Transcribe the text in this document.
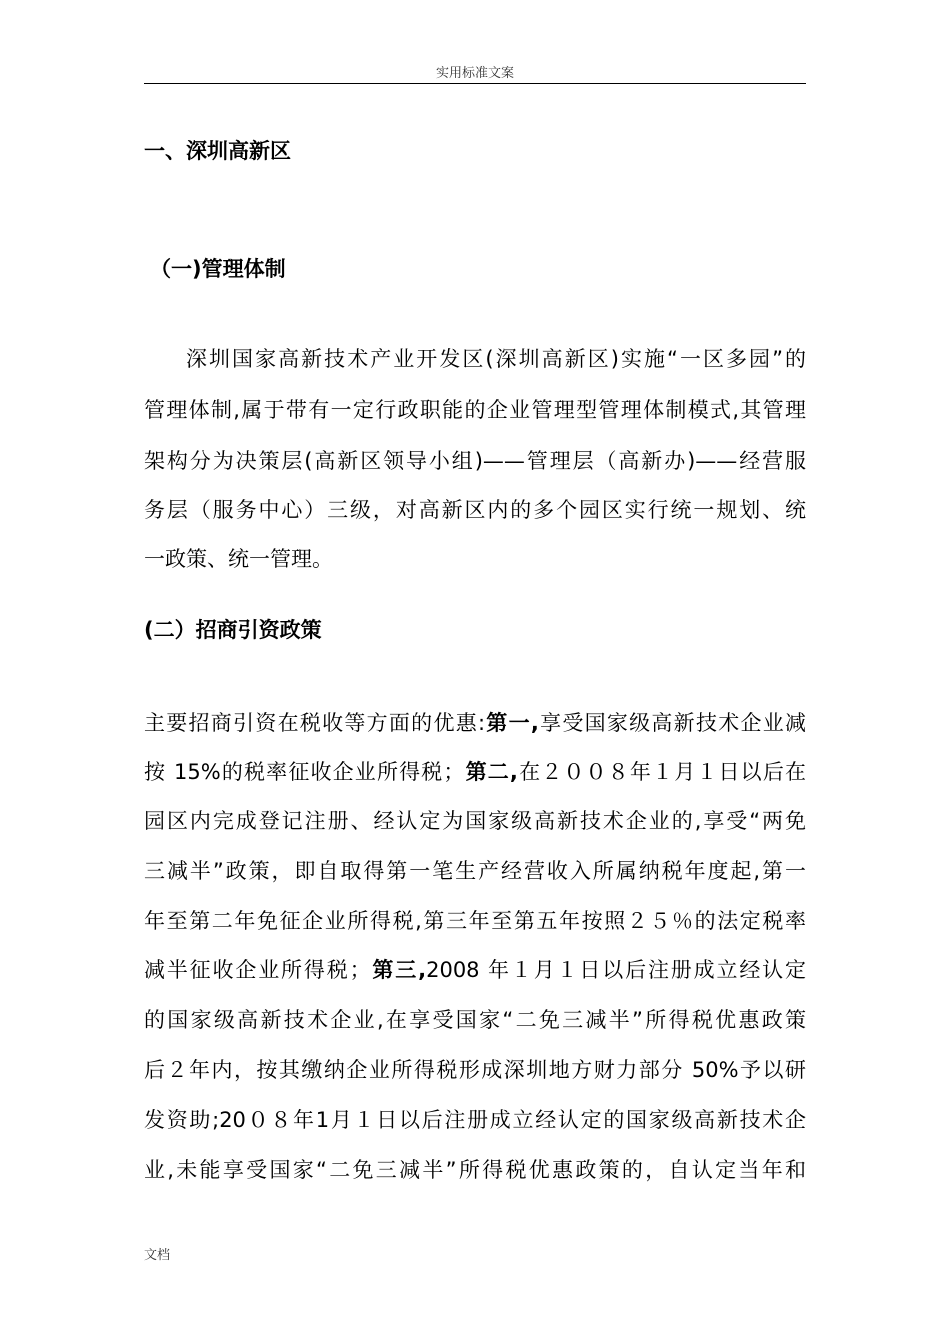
实用标准文案
一、深圳高新区
（一)管理体制
深圳国家高新技术产业开发区(深圳高新区)实施“一区多园”的
管理体制,属于带有一定行政职能的企业管理型管理体制模式,其管理
架构分为决策层(高新区领导小组)——管理层（高新办)——经营服
务层（服务中心）三级，对高新区内的多个园区实行统一规划、统
一政策、统一管理。
(二）招商引资政策
主要招商引资在税收等方面的优惠:第一,享受国家级高新技术企业减
按 15%的税率征收企业所得税；第二,在２００８年１月１日以后在
园区内完成登记注册、经认定为国家级高新技术企业的,享受“两免
三减半”政策，即自取得第一笔生产经营收入所属纳税年度起,第一
年至第二年免征企业所得税,第三年至第五年按照２５％的法定税率
减半征收企业所得税；第三,2008 年１月１日以后注册成立经认定
的国家级高新技术企业,在享受国家“二免三减半”所得税优惠政策
后２年内，按其缴纳企业所得税形成深圳地方财力部分 50%予以研
发资助;20０８年1月１日以后注册成立经认定的国家级高新技术企
业,未能享受国家“二免三减半”所得税优惠政策的，自认定当年和
文档
